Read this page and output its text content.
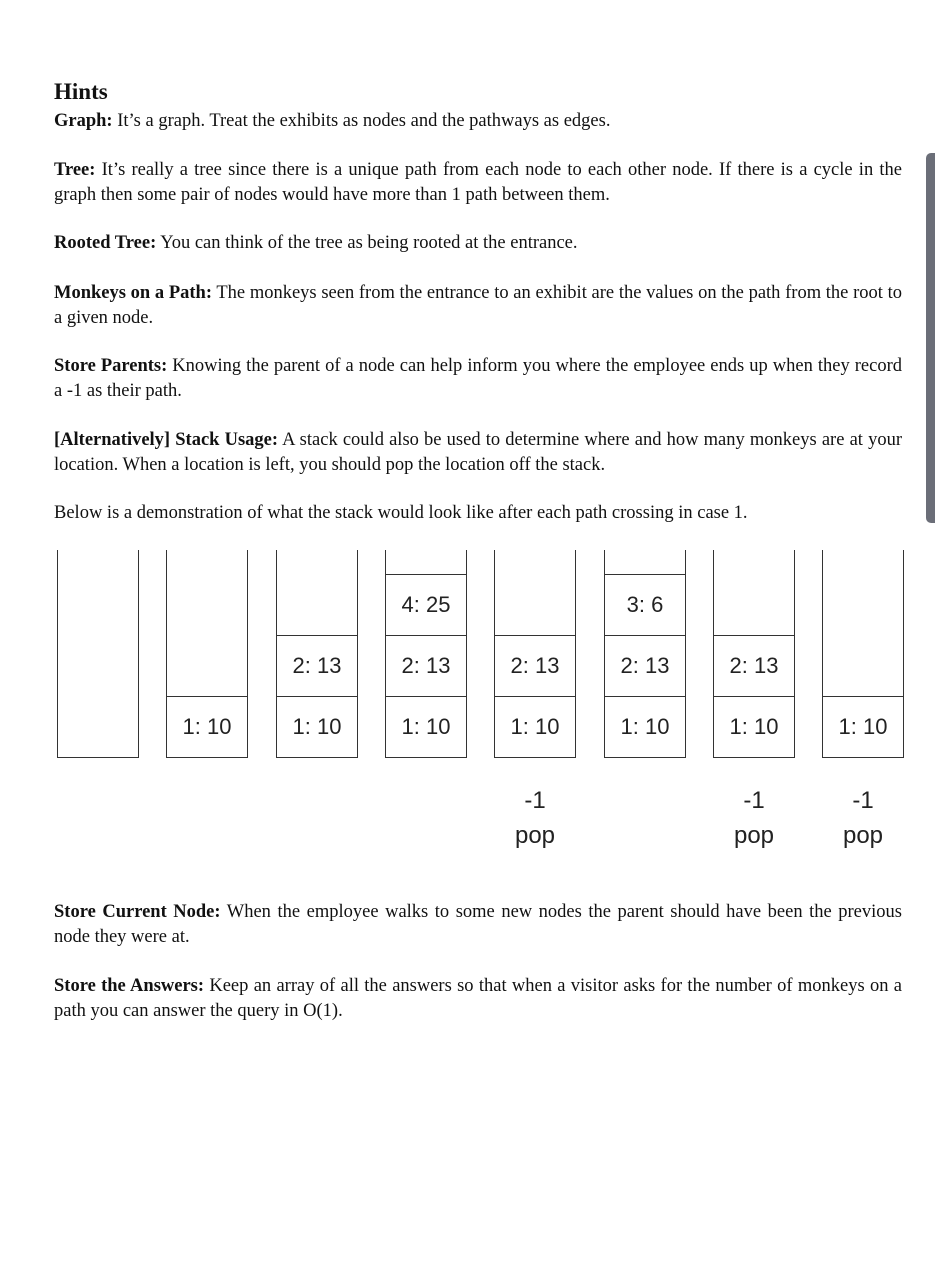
Hints

Graph: It’s a graph. Treat the exhibits as nodes and the pathways as edges.

Tree: It’s really a tree since there is a unique path from each node to each other node. If there is a cycle in the graph then some pair of nodes would have more than 1 path between them.

Rooted Tree: You can think of the tree as being rooted at the entrance.

Monkeys on a Path: The monkeys seen from the entrance to an exhibit are the values on the path from the root to a given node.

Store Parents: Knowing the parent of a node can help inform you where the employee ends up when they record a -1 as their path.

[Alternatively] Stack Usage: A stack could also be used to determine where and how many monkeys are at your location. When a location is left, you should pop the location off the stack.

Below is a demonstration of what the stack would look like after each path crossing in case 1.

1: 10	1: 10
2: 13
1: 10
2: 13
4: 25
1: 10
2: 13
-1
pop
1: 10
2: 13
3: 6
1: 10
2: 13
-1
pop
1: 10
-1
pop

Store Current Node: When the employee walks to some new nodes the parent should have been the previous node they were at.

Store the Answers: Keep an array of all the answers so that when a visitor asks for the number of monkeys on a path you can answer the query in O(1).
